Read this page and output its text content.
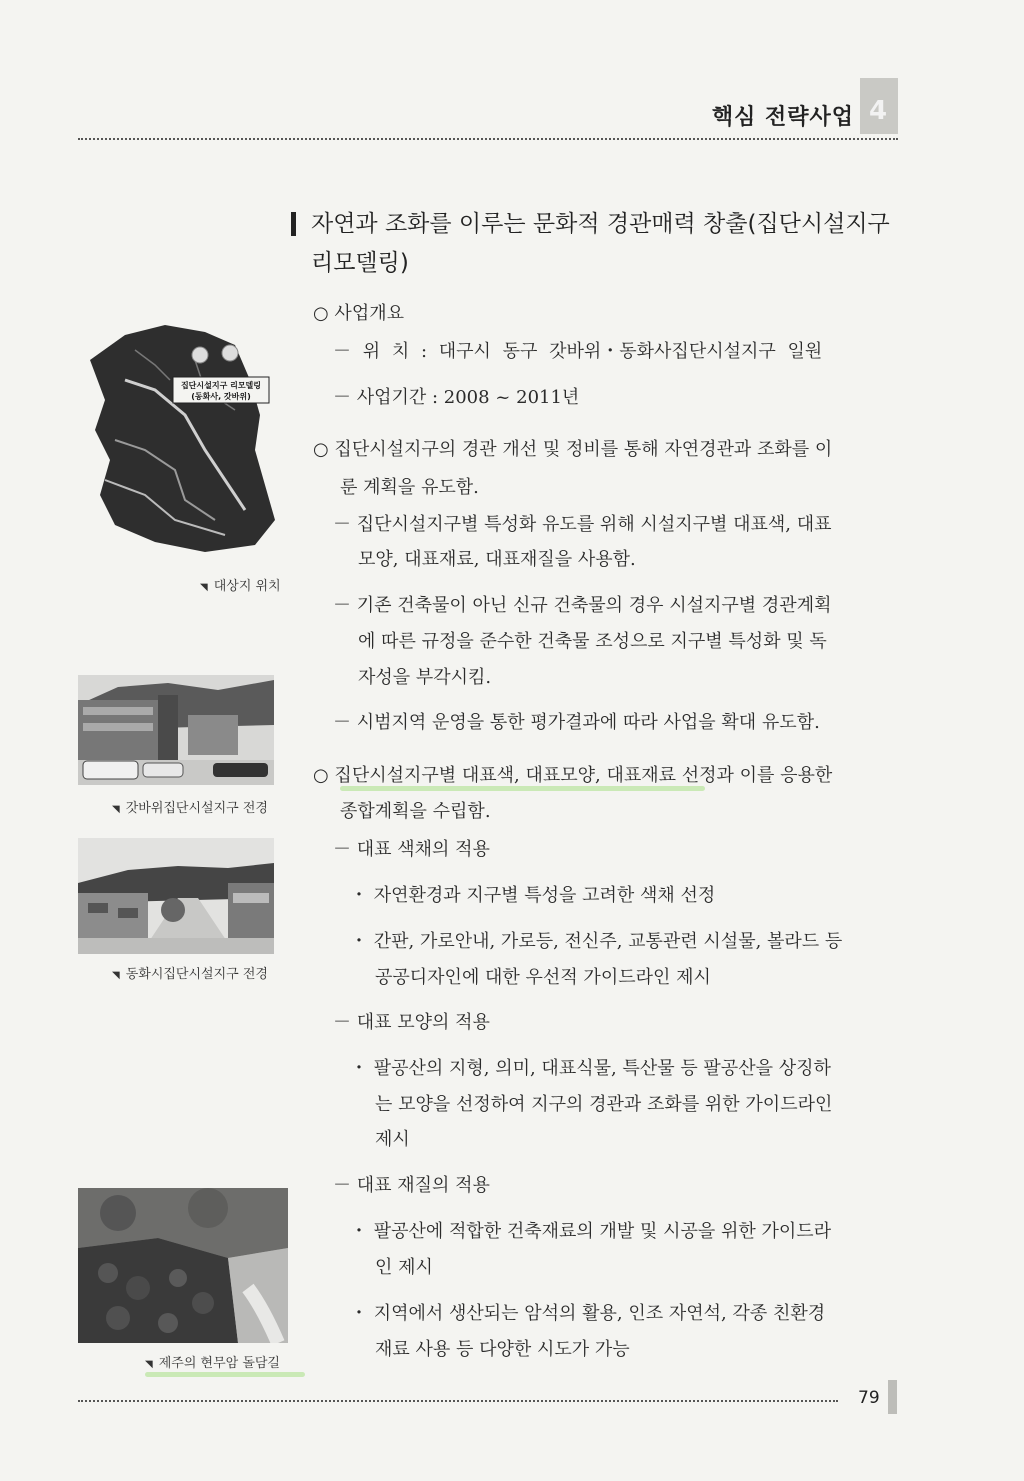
핵심 전략사업 4
자연과 조화를 이루는 문화적 경관매력 창출(집단시설지구
리모델링)
○ 사업개요
－ 위 치 : 대구시 동구 갓바위・동화사집단시설지구 일원
－ 사업기간 : 2008 ~ 2011년
○ 집단시설지구의 경관 개선 및 정비를 통해 자연경관과 조화를 이
룬 계획을 유도함.
－ 집단시설지구별 특성화 유도를 위해 시설지구별 대표색, 대표
모양, 대표재료, 대표재질을 사용함.
－ 기존 건축물이 아닌 신규 건축물의 경우 시설지구별 경관계획
에 따른 규정을 준수한 건축물 조성으로 지구별 특성화 및 독
자성을 부각시킴.
－ 시범지역 운영을 통한 평가결과에 따라 사업을 확대 유도함.
○ 집단시설지구별 대표색, 대표모양, 대표재료 선정과 이를 응용한
종합계획을 수립함.
－ 대표 색채의 적용
・ 자연환경과 지구별 특성을 고려한 색채 선정
・ 간판, 가로안내, 가로등, 전신주, 교통관련 시설물, 볼라드 등
공공디자인에 대한 우선적 가이드라인 제시
－ 대표 모양의 적용
・ 팔공산의 지형, 의미, 대표식물, 특산물 등 팔공산을 상징하
는 모양을 선정하여 지구의 경관과 조화를 위한 가이드라인
제시
－ 대표 재질의 적용
・ 팔공산에 적합한 건축재료의 개발 및 시공을 위한 가이드라
인 제시
・ 지역에서 생산되는 암석의 활용, 인조 자연석, 각종 친환경
재료 사용 등 다양한 시도가 가능
집단시설지구 리모델링
(동화사, 갓바위)
◥ 대상지 위치
◥ 갓바위집단시설지구 전경
◥ 동화시집단시설지구 전경
◥ 제주의 현무암 돌담길
79
